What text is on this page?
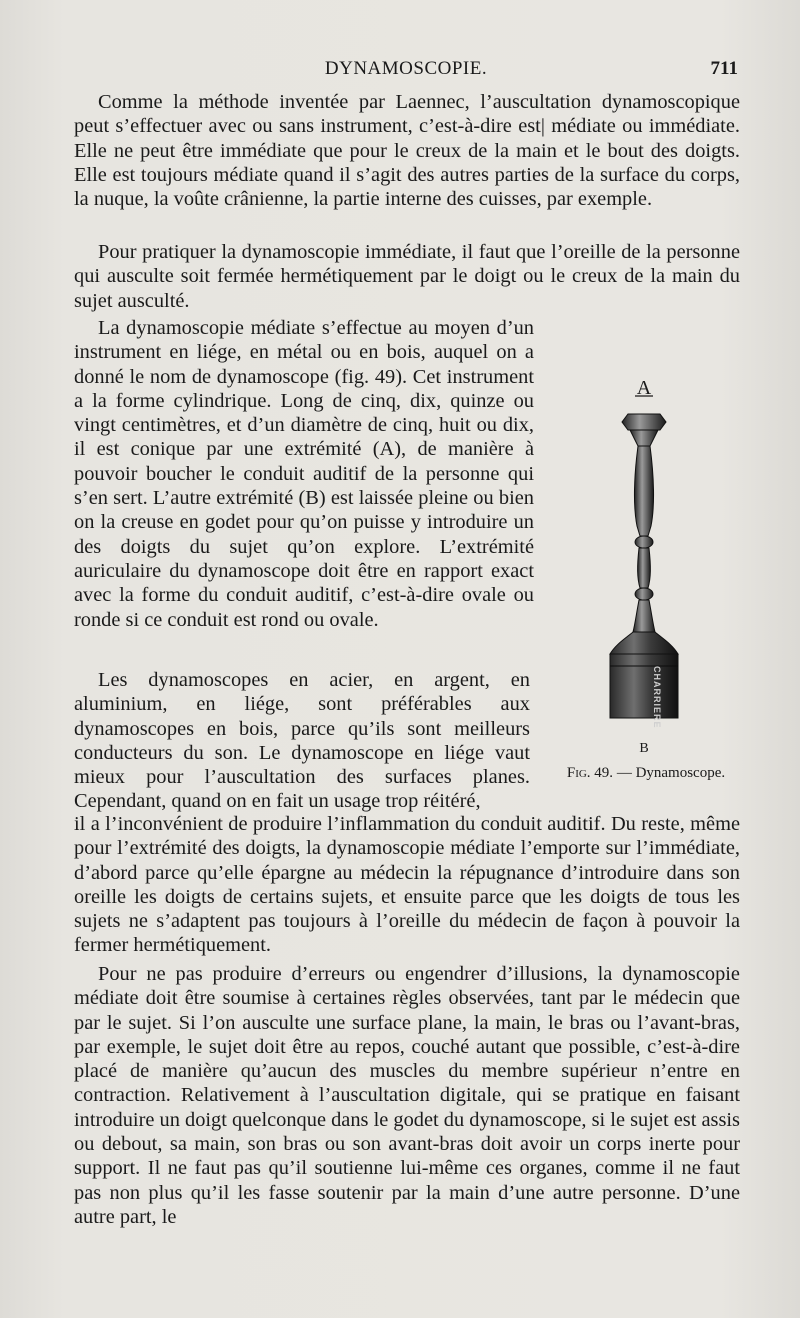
DYNAMOSCOPIE.	711

Comme la méthode inventée par Laennec, l’auscultation dynamoscopique peut s’effectuer avec ou sans instrument, c’est-à-dire est| médiate ou immédiate. Elle ne peut être immédiate que pour le creux de la main et le bout des doigts. Elle est toujours médiate quand il s’agit des autres parties de la surface du corps, la nuque, la voûte crânienne, la partie interne des cuisses, par exemple.

Pour pratiquer la dynamoscopie immédiate, il faut que l’oreille de la personne qui ausculte soit fermée hermétiquement par le doigt ou le creux de la main du sujet ausculté.

La dynamoscopie médiate s’effectue au moyen d’un instrument en liége, en métal ou en bois, auquel on a donné le nom de dynamoscope (fig. 49). Cet instrument a la forme cylindrique. Long de cinq, dix, quinze ou vingt centimètres, et d’un diamètre de cinq, huit ou dix, il est conique par une extrémité (A), de manière à pouvoir boucher le conduit auditif de la personne qui s’en sert. L’autre extrémité (B) est laissée pleine ou bien on la creuse en godet pour qu’on puisse y introduire un des doigts du sujet qu’on explore. L’extrémité auriculaire du dynamoscope doit être en rapport exact avec la forme du conduit auditif, c’est-à-dire ovale ou ronde si ce conduit est rond ou ovale.

Les dynamoscopes en acier, en argent, en aluminium, en liége, sont préférables aux dynamoscopes en bois, parce qu’ils sont meilleurs conducteurs du son. Le dynamoscope en liége vaut mieux pour l’auscultation des surfaces planes. Cependant, quand on en fait un usage trop réitéré,

il a l’inconvénient de produire l’inflammation du conduit auditif. Du reste, même pour l’extrémité des doigts, la dynamoscopie médiate l’emporte sur l’immédiate, d’abord parce qu’elle épargne au médecin la répugnance d’introduire dans son oreille les doigts de certains sujets, et ensuite parce que les doigts de tous les sujets ne s’adaptent pas toujours à l’oreille du médecin de façon à pouvoir la fermer hermétiquement.

Pour ne pas produire d’erreurs ou engendrer d’illusions, la dynamoscopie médiate doit être soumise à certaines règles observées, tant par le médecin que par le sujet. Si l’on ausculte une surface plane, la main, le bras ou l’avant-bras, par exemple, le sujet doit être au repos, couché autant que possible, c’est-à-dire placé de manière qu’aucun des muscles du membre supérieur n’entre en contraction. Relativement à l’auscultation digitale, qui se pratique en faisant introduire un doigt quelconque dans le godet du dynamoscope, si le sujet est assis ou debout, sa main, son bras ou son avant-bras doit avoir un corps inerte pour support. Il ne faut pas qu’il soutienne lui-même ces organes, comme il ne faut pas non plus qu’il les fasse soutenir par la main d’une autre personne. D’une autre part, le

A
CHARRIERE
B
Fig. 49. — Dynamoscope.
